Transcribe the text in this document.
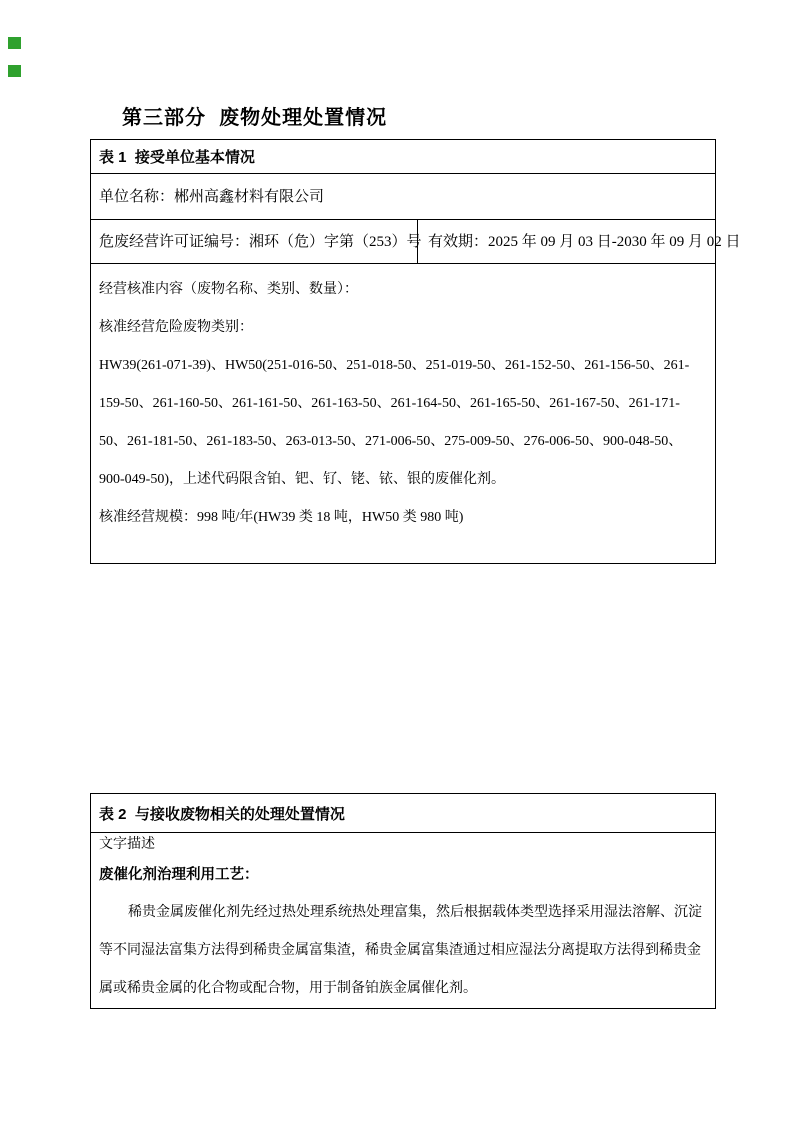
第三部分  废物处理处置情况
表 1  接受单位基本情况
单位名称：郴州高鑫材料有限公司
危废经营许可证编号：湘环（危）字第（253）号 有效期：2025 年 09 月 03 日-2030 年 09 月 02 日
经营核准内容（废物名称、类别、数量）：
核准经营危险废物类别：
HW39(261-071-39)、HW50(251-016-50、251-018-50、251-019-50、261-152-50、261-156-50、261-
159-50、261-160-50、261-161-50、261-163-50、261-164-50、261-165-50、261-167-50、261-171-
50、261-181-50、261-183-50、263-013-50、271-006-50、275-009-50、276-006-50、900-048-50、
900-049-50)，上述代码限含铂、钯、钌、铑、铱、银的废催化剂。
核准经营规模：998 吨/年(HW39 类 18 吨，HW50 类 980 吨)
表 2  与接收废物相关的处理处置情况
文字描述
废催化剂治理利用工艺：
稀贵金属废催化剂先经过热处理系统热处理富集，然后根据载体类型选择采用湿法溶解、沉淀
等不同湿法富集方法得到稀贵金属富集渣，稀贵金属富集渣通过相应湿法分离提取方法得到稀贵金
属或稀贵金属的化合物或配合物，用于制备铂族金属催化剂。
